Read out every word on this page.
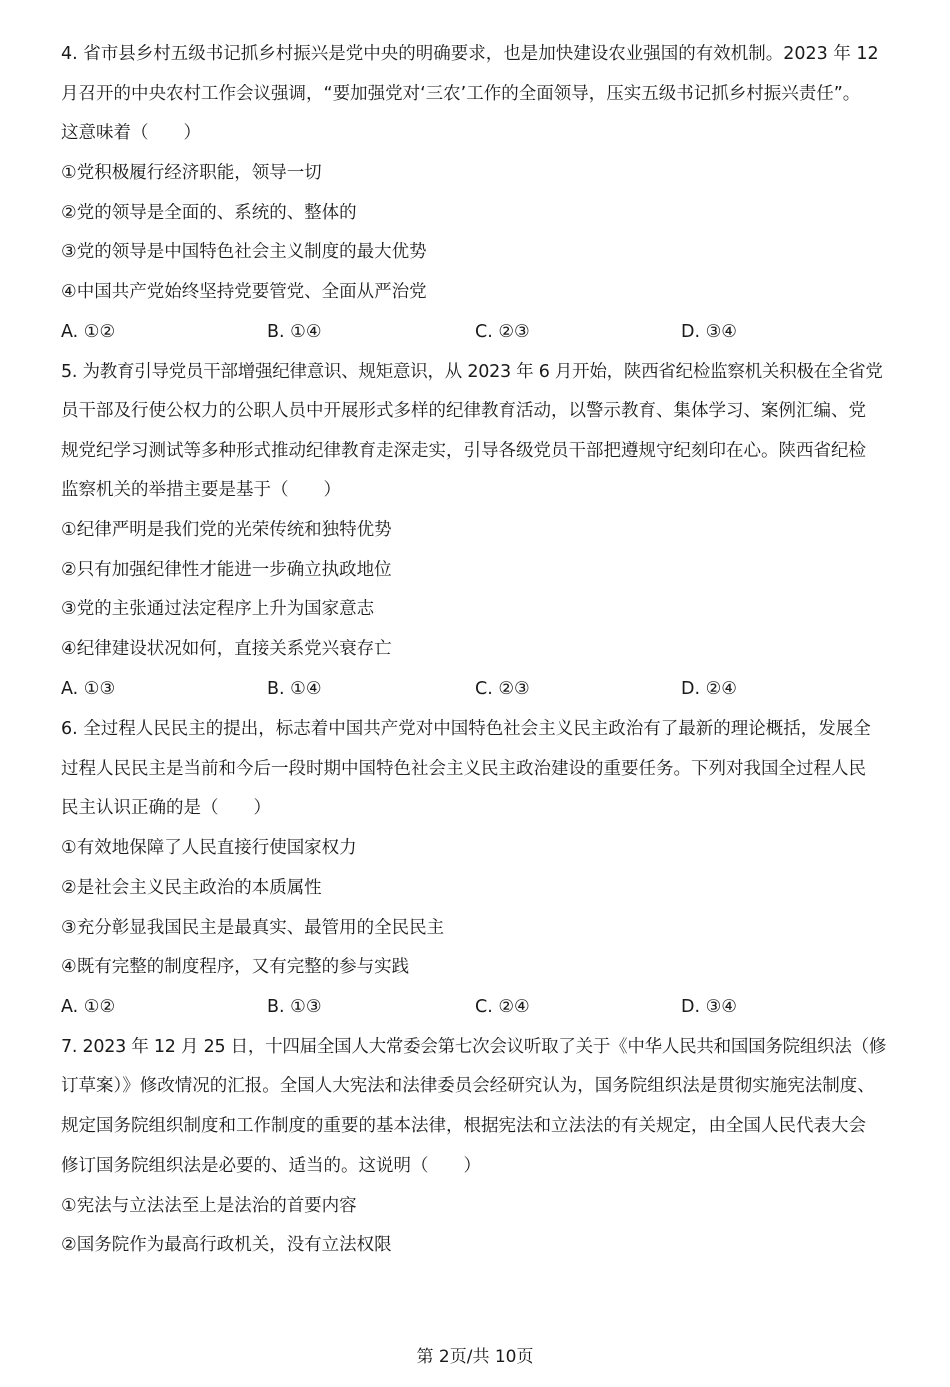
4. 省市县乡村五级书记抓乡村振兴是党中央的明确要求，也是加快建设农业强国的有效机制。2023 年 12
月召开的中央农村工作会议强调，“要加强党对‘三农’工作的全面领导，压实五级书记抓乡村振兴责任”。
这意味着（　　）
①党积极履行经济职能，领导一切
②党的领导是全面的、系统的、整体的
③党的领导是中国特色社会主义制度的最大优势
④中国共产党始终坚持党要管党、全面从严治党
A. ①②	B. ①④	C. ②③	D. ③④
5. 为教育引导党员干部增强纪律意识、规矩意识，从 2023 年 6 月开始，陕西省纪检监察机关积极在全省党
员干部及行使公权力的公职人员中开展形式多样的纪律教育活动，以警示教育、集体学习、案例汇编、党
规党纪学习测试等多种形式推动纪律教育走深走实，引导各级党员干部把遵规守纪刻印在心。陕西省纪检
监察机关的举措主要是基于（　　）
①纪律严明是我们党的光荣传统和独特优势
②只有加强纪律性才能进一步确立执政地位
③党的主张通过法定程序上升为国家意志
④纪律建设状况如何，直接关系党兴衰存亡
A. ①③	B. ①④	C. ②③	D. ②④
6. 全过程人民民主的提出，标志着中国共产党对中国特色社会主义民主政治有了最新的理论概括，发展全
过程人民民主是当前和今后一段时期中国特色社会主义民主政治建设的重要任务。下列对我国全过程人民
民主认识正确的是（　　）
①有效地保障了人民直接行使国家权力
②是社会主义民主政治的本质属性
③充分彰显我国民主是最真实、最管用的全民民主
④既有完整的制度程序，又有完整的参与实践
A. ①②	B. ①③	C. ②④	D. ③④
7. 2023 年 12 月 25 日，十四届全国人大常委会第七次会议听取了关于《中华人民共和国国务院组织法（修
订草案）》修改情况的汇报。全国人大宪法和法律委员会经研究认为，国务院组织法是贯彻实施宪法制度、
规定国务院组织制度和工作制度的重要的基本法律，根据宪法和立法法的有关规定，由全国人民代表大会
修订国务院组织法是必要的、适当的。这说明（　　）
①宪法与立法法至上是法治的首要内容
②国务院作为最高行政机关，没有立法权限
第 2页/共 10页
